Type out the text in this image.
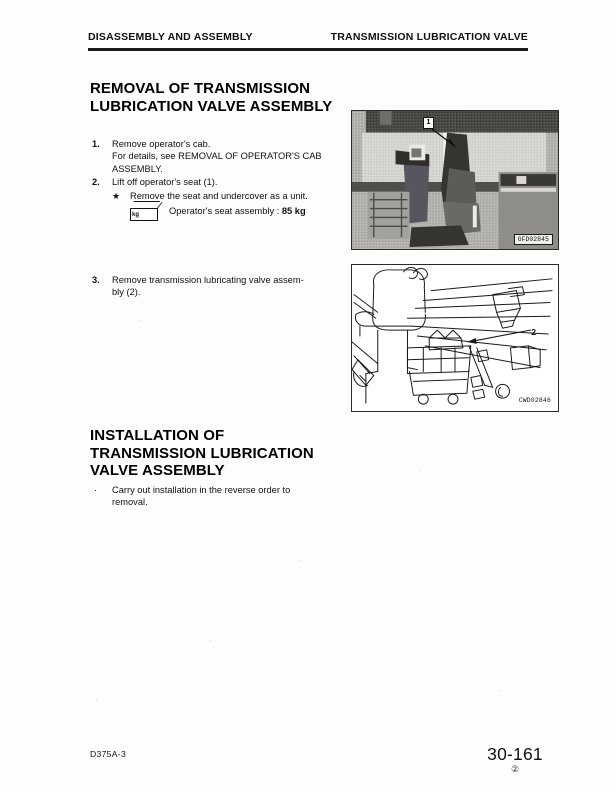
DISASSEMBLY AND ASSEMBLY	TRANSMISSION LUBRICATION VALVE
REMOVAL OF TRANSMISSION LUBRICATION VALVE ASSEMBLY
1. Remove operator's cab.
For details, see REMOVAL OF OPERATOR'S CAB
ASSEMBLY.
2. Lift off operator's seat (1).
★ Remove the seat and undercover as a unit.
kg	Operator's seat assembly : 85 kg
3. Remove transmission lubricating valve assem-
bly (2).
INSTALLATION OF TRANSMISSION LUBRICATION VALVE ASSEMBLY
· Carry out installation in the reverse order to
removal.
1
GFD02845
2
CWD02846
D375A-3	30-161
②
